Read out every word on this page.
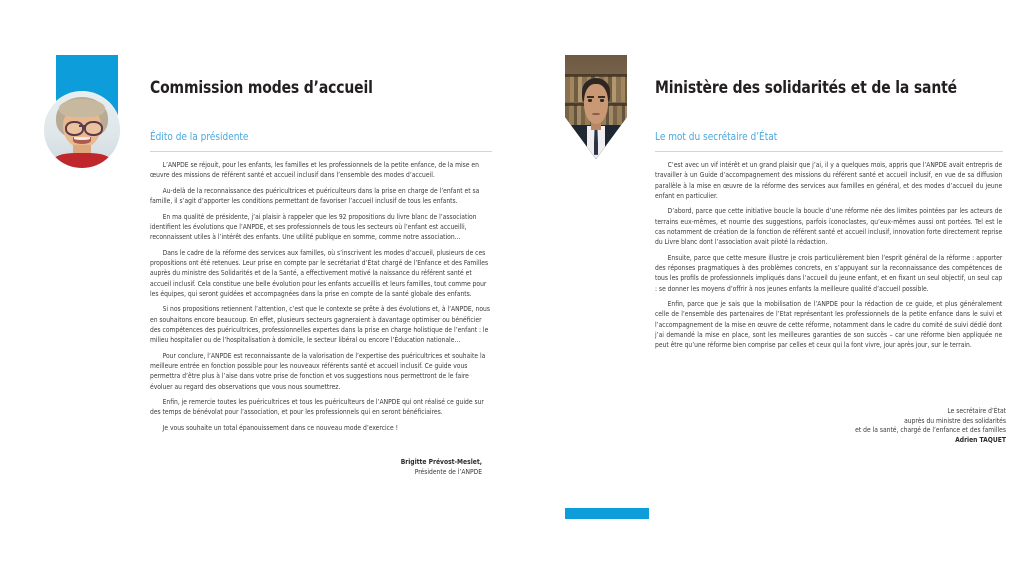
Commission modes d’accueil
Édito de la présidente

L’ANPDE se réjouit, pour les enfants, les familles et les professionnels de la petite enfance, de la mise en œuvre des missions de référent santé et accueil inclusif dans l’ensemble des modes d’accueil.

Au-delà de la reconnaissance des puéricultrices et puériculteurs dans la prise en charge de l’enfant et sa famille, il s’agit d’apporter les conditions permettant de favoriser l’accueil inclusif de tous les enfants.

En ma qualité de présidente, j’ai plaisir à rappeler que les 92 propositions du livre blanc de l’association identifient les évolutions que l’ANPDE, et ses professionnels de tous les secteurs où l’enfant est accueilli, reconnaissent utiles à l’intérêt des enfants. Une utilité publique en somme, comme notre association…

Dans le cadre de la réforme des services aux familles, où s’inscrivent les modes d’accueil, plusieurs de ces propositions ont été retenues. Leur prise en compte par le secrétariat d’État chargé de l’Enfance et des Familles auprès du ministre des Solidarités et de la Santé, a effectivement motivé la naissance du référent santé et accueil inclusif. Cela constitue une belle évolution pour les enfants accueillis et leurs familles, tout comme pour les équipes, qui seront guidées et accompagnées dans la prise en compte de la santé globale des enfants.

Si nos propositions retiennent l’attention, c’est que le contexte se prête à des évolutions et, à l’ANPDE, nous en souhaitons encore beaucoup. En effet, plusieurs secteurs gagneraient à davantage optimiser ou bénéficier des compétences des puéricultrices, professionnelles expertes dans la prise en charge holistique de l’enfant : le milieu hospitalier ou de l’hospitalisation à domicile, le secteur libéral ou encore l’Éducation nationale…

Pour conclure, l’ANPDE est reconnaissante de la valorisation de l’expertise des puéricultrices et souhaite la meilleure entrée en fonction possible pour les nouveaux référents santé et accueil inclusif. Ce guide vous permettra d’être plus à l’aise dans votre prise de fonction et vos suggestions nous permettront de le faire évoluer au regard des observations que vous nous soumettrez.

Enfin, je remercie toutes les puéricultrices et tous les puériculteurs de l’ANPDE qui ont réalisé ce guide sur des temps de bénévolat pour l’association, et pour les professionnels qui en seront bénéficiaires.

Je vous souhaite un total épanouissement dans ce nouveau mode d’exercice !

Brigitte Prévost-Meslet,
Présidente de l’ANPDE
Ministère des solidarités et de la santé
Le mot du secrétaire d’État

C’est avec un vif intérêt et un grand plaisir que j’ai, il y a quelques mois, appris que l’ANPDE avait entrepris de travailler à un Guide d’accompagnement des missions du référent santé et accueil inclusif, en vue de sa diffusion parallèle à la mise en œuvre de la réforme des services aux familles en général, et des modes d’accueil du jeune enfant en particulier.

D’abord, parce que cette initiative boucle la boucle d’une réforme née des limites pointées par les acteurs de terrains eux-mêmes, et nourrie des suggestions, parfois iconoclastes, qu’eux-mêmes aussi ont portées. Tel est le cas notamment de création de la fonction de référent santé et accueil inclusif, innovation forte directement reprise du Livre blanc dont l’association avait piloté la rédaction.

Ensuite, parce que cette mesure illustre je crois particulièrement bien l’esprit général de la réforme : apporter des réponses pragmatiques à des problèmes concrets, en s’appuyant sur la reconnaissance des compétences de tous les profils de professionnels impliqués dans l’accueil du jeune enfant, et en fixant un seul objectif, un seul cap : se donner les moyens d’offrir à nos jeunes enfants la meilleure qualité d’accueil possible.

Enfin, parce que je sais que la mobilisation de l’ANPDE pour la rédaction de ce guide, et plus généralement celle de l’ensemble des partenaires de l’Etat représentant les professionnels de la petite enfance dans le suivi et l’accompagnement de la mise en œuvre de cette réforme, notamment dans le cadre du comité de suivi dédié dont j’ai demandé la mise en place, sont les meilleures garanties de son succès – car une réforme bien appliquée ne peut être qu’une réforme bien comprise par celles et ceux qui la font vivre, jour après jour, sur le terrain.

Le secrétaire d’État
auprès du ministre des solidarités
et de la santé, chargé de l’enfance et des familles
Adrien TAQUET
